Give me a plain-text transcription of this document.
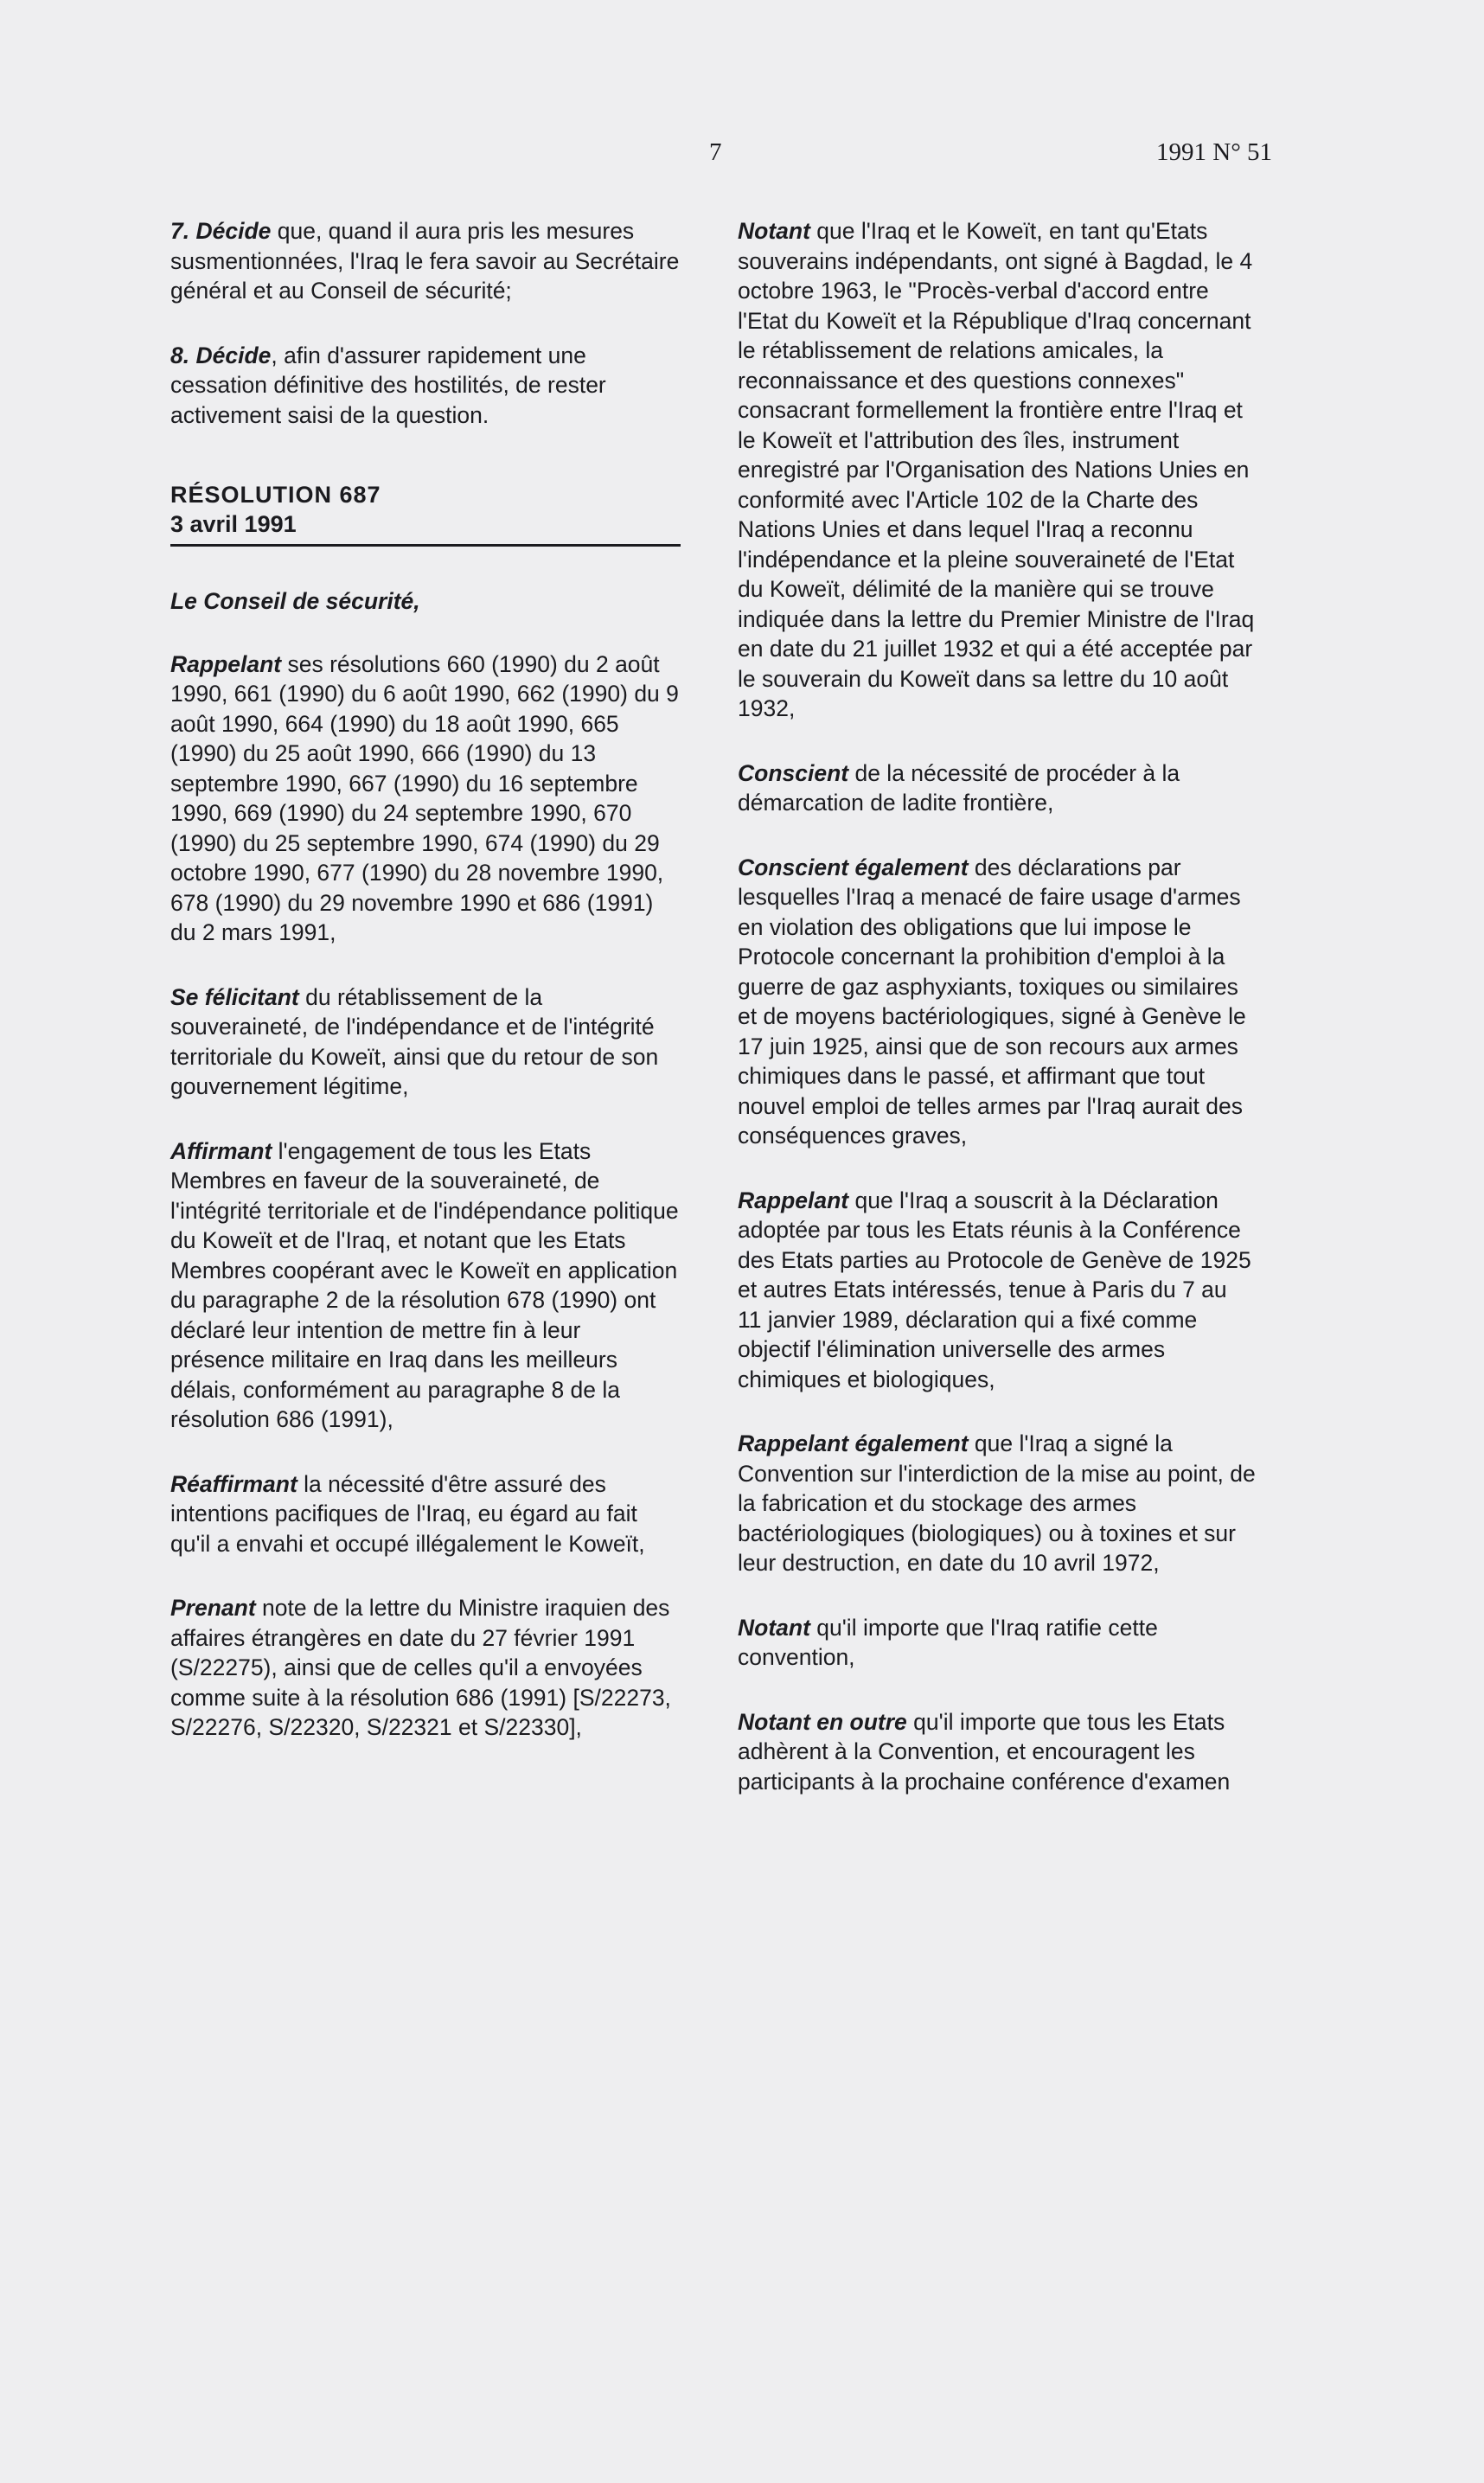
7	1991 N° 51

7. Décide que, quand il aura pris les mesures susmentionnées, l'Iraq le fera savoir au Secrétaire général et au Conseil de sécurité;

8. Décide, afin d'assurer rapidement une cessation définitive des hostilités, de rester activement saisi de la question.

RÉSOLUTION 687
3 avril 1991

Le Conseil de sécurité,

Rappelant ses résolutions 660 (1990) du 2 août 1990, 661 (1990) du 6 août 1990, 662 (1990) du 9 août 1990, 664 (1990) du 18 août 1990, 665 (1990) du 25 août 1990, 666 (1990) du 13 septembre 1990, 667 (1990) du 16 septembre 1990, 669 (1990) du 24 septembre 1990, 670 (1990) du 25 septembre 1990, 674 (1990) du 29 octobre 1990, 677 (1990) du 28 novembre 1990, 678 (1990) du 29 novembre 1990 et 686 (1991) du 2 mars 1991,

Se félicitant du rétablissement de la souveraineté, de l'indépendance et de l'intégrité territoriale du Koweït, ainsi que du retour de son gouvernement légitime,

Affirmant l'engagement de tous les Etats Membres en faveur de la souveraineté, de l'intégrité territoriale et de l'indépendance politique du Koweït et de l'Iraq, et notant que les Etats Membres coopérant avec le Koweït en application du paragraphe 2 de la résolution 678 (1990) ont déclaré leur intention de mettre fin à leur présence militaire en Iraq dans les meilleurs délais, conformément au paragraphe 8 de la résolution 686 (1991),

Réaffirmant la nécessité d'être assuré des intentions pacifiques de l'Iraq, eu égard au fait qu'il a envahi et occupé illégalement le Koweït,

Prenant note de la lettre du Ministre iraquien des affaires étrangères en date du 27 février 1991 (S/22275), ainsi que de celles qu'il a envoyées comme suite à la résolution 686 (1991) [S/22273, S/22276, S/22320, S/22321 et S/22330],

Notant que l'Iraq et le Koweït, en tant qu'Etats souverains indépendants, ont signé à Bagdad, le 4 octobre 1963, le "Procès-verbal d'accord entre l'Etat du Koweït et la République d'Iraq concernant le rétablissement de relations amicales, la reconnaissance et des questions connexes" consacrant formellement la frontière entre l'Iraq et le Koweït et l'attribution des îles, instrument enregistré par l'Organisation des Nations Unies en conformité avec l'Article 102 de la Charte des Nations Unies et dans lequel l'Iraq a reconnu l'indépendance et la pleine souveraineté de l'Etat du Koweït, délimité de la manière qui se trouve indiquée dans la lettre du Premier Ministre de l'Iraq en date du 21 juillet 1932 et qui a été acceptée par le souverain du Koweït dans sa lettre du 10 août 1932,

Conscient de la nécessité de procéder à la démarcation de ladite frontière,

Conscient également des déclarations par lesquelles l'Iraq a menacé de faire usage d'armes en violation des obligations que lui impose le Protocole concernant la prohibition d'emploi à la guerre de gaz asphyxiants, toxiques ou similaires et de moyens bactériologiques, signé à Genève le 17 juin 1925, ainsi que de son recours aux armes chimiques dans le passé, et affirmant que tout nouvel emploi de telles armes par l'Iraq aurait des conséquences graves,

Rappelant que l'Iraq a souscrit à la Déclaration adoptée par tous les Etats réunis à la Conférence des Etats parties au Protocole de Genève de 1925 et autres Etats intéressés, tenue à Paris du 7 au 11 janvier 1989, déclaration qui a fixé comme objectif l'élimination universelle des armes chimiques et biologiques,

Rappelant également que l'Iraq a signé la Convention sur l'interdiction de la mise au point, de la fabrication et du stockage des armes bactériologiques (biologiques) ou à toxines et sur leur destruction, en date du 10 avril 1972,

Notant qu'il importe que l'Iraq ratifie cette convention,

Notant en outre qu'il importe que tous les Etats adhèrent à la Convention, et encouragent les participants à la prochaine conférence d'examen
